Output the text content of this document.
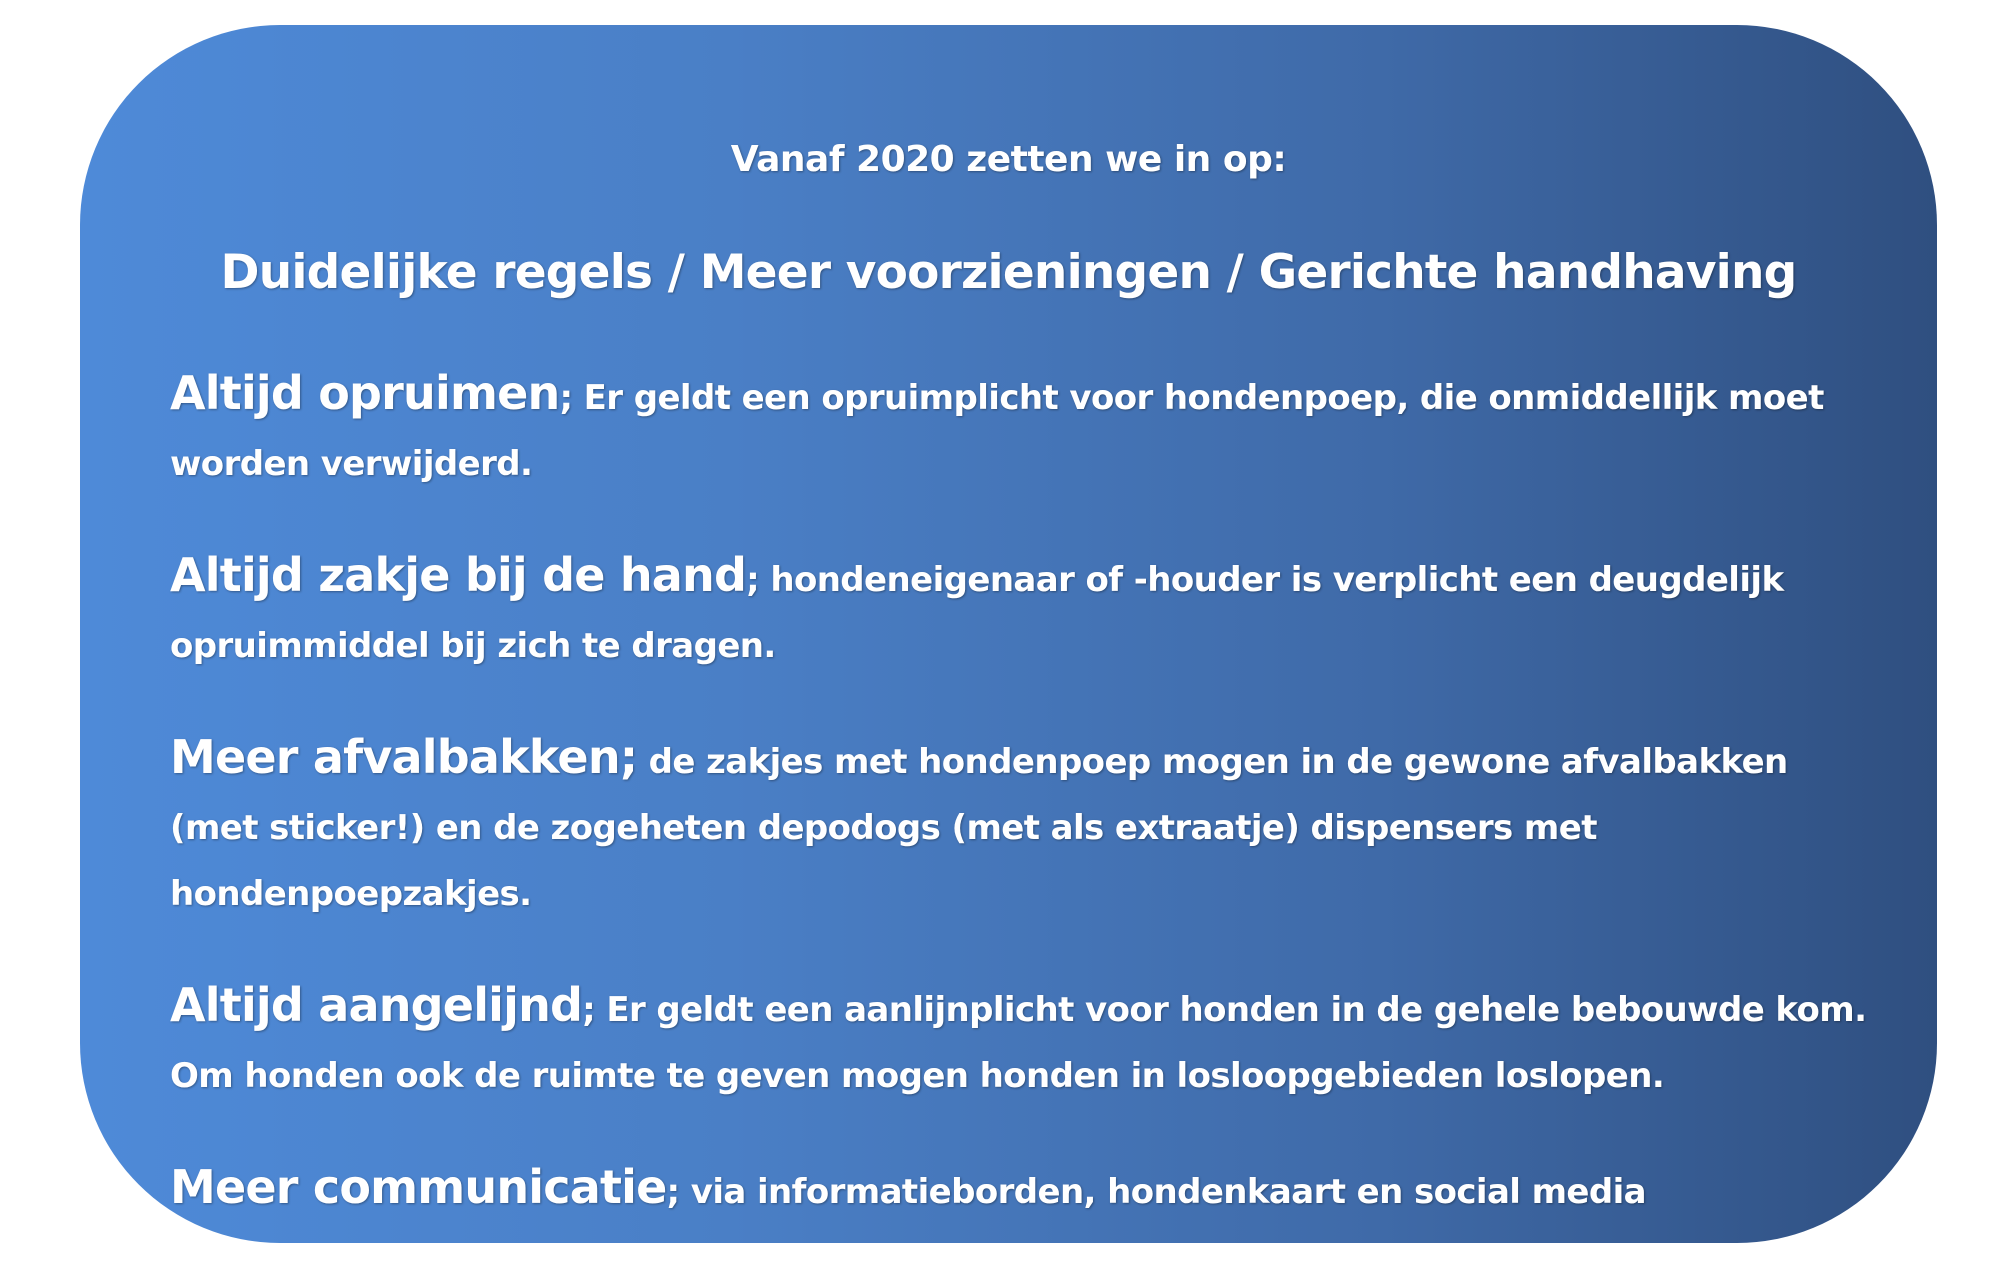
Vanaf 2020 zetten we in op:
Duidelijke regels / Meer voorzieningen / Gerichte handhaving
Altijd opruimen; Er geldt een opruimplicht voor hondenpoep, die onmiddellijk moet worden verwijderd.
Altijd zakje bij de hand; hondeneigenaar of -houder is verplicht een deugdelijk opruimmiddel bij zich te dragen.
Meer afvalbakken; de zakjes met hondenpoep mogen in de gewone afvalbakken (met sticker!) en de zogeheten depodogs (met als extraatje) dispensers met hondenpoepzakjes.
Altijd aangelijnd; Er geldt een aanlijnplicht voor honden in de gehele bebouwde kom. Om honden ook de ruimte te geven mogen honden in losloopgebieden loslopen.
Meer communicatie; via informatieborden, hondenkaart en social media
